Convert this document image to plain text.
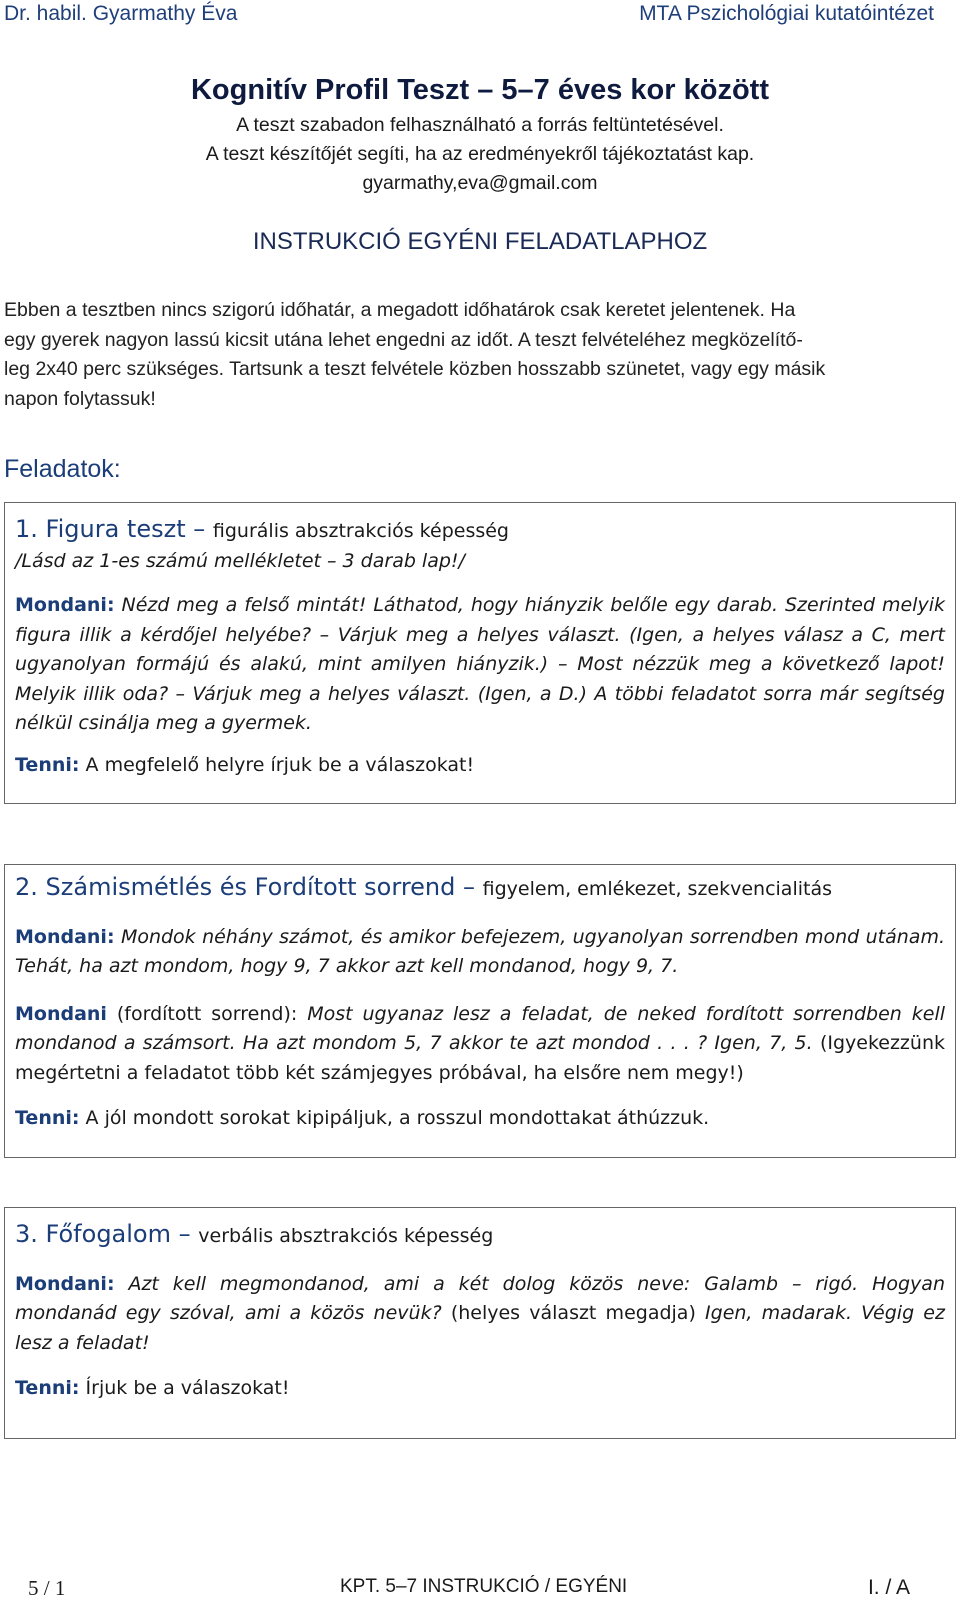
Dr. habil. Gyarmathy Éva	MTA Pszichológiai kutatóintézet
Kognitív Profil Teszt – 5–7 éves kor között
A teszt szabadon felhasználható a forrás feltüntetésével.
A teszt készítőjét segíti, ha az eredményekről tájékoztatást kap.
gyarmathy,eva@gmail.com
INSTRUKCIÓ EGYÉNI FELADATLAPHOZ
Ebben a tesztben nincs szigorú időhatár, a megadott időhatárok csak keretet jelentenek. Ha
egy gyerek nagyon lassú kicsit utána lehet engedni az időt. A teszt felvételéhez megközelítő-
leg 2x40 perc szükséges. Tartsunk a teszt felvétele közben hosszabb szünetet, vagy egy másik
napon folytassuk!
Feladatok:

1. Figura teszt – figurális absztrakciós képesség

/Lásd az 1-es számú mellékletet – 3 darab lap!/

Mondani: Nézd meg a felső mintát! Láthatod, hogy hiányzik belőle egy darab. Szerinted melyik figura illik a kérdőjel helyébe? – Várjuk meg a helyes választ. (Igen, a helyes válasz a C, mert ugyanolyan formájú és alakú, mint amilyen hiányzik.) – Most nézzük meg a következő lapot! Melyik illik oda? – Várjuk meg a helyes választ. (Igen, a D.) A többi feladatot sorra már segítség nélkül csinálja meg a gyermek.

Tenni: A megfelelő helyre írjuk be a válaszokat!

2. Számismétlés és Fordított sorrend – figyelem, emlékezet, szekvencialitás

Mondani: Mondok néhány számot, és amikor befejezem, ugyanolyan sorrendben mond utánam. Tehát, ha azt mondom, hogy 9, 7 akkor azt kell mondanod, hogy 9, 7.

Mondani (fordított sorrend): Most ugyanaz lesz a feladat, de neked fordított sorrendben kell mondanod a számsort. Ha azt mondom 5, 7 akkor te azt mondod . . . ? Igen, 7, 5. (Igyekezzünk megértetni a feladatot több két számjegyes próbával, ha elsőre nem megy!)

Tenni: A jól mondott sorokat kipipáljuk, a rosszul mondottakat áthúzzuk.

3. Főfogalom – verbális absztrakciós képesség

Mondani: Azt kell megmondanod, ami a két dolog közös neve: Galamb – rigó. Hogyan mondanád egy szóval, ami a közös nevük? (helyes választ megadja) Igen, madarak. Végig ez lesz a feladat!

Tenni: Írjuk be a válaszokat!

5 / 1	KPT. 5–7 INSTRUKCIÓ / EGYÉNI	I. / A
